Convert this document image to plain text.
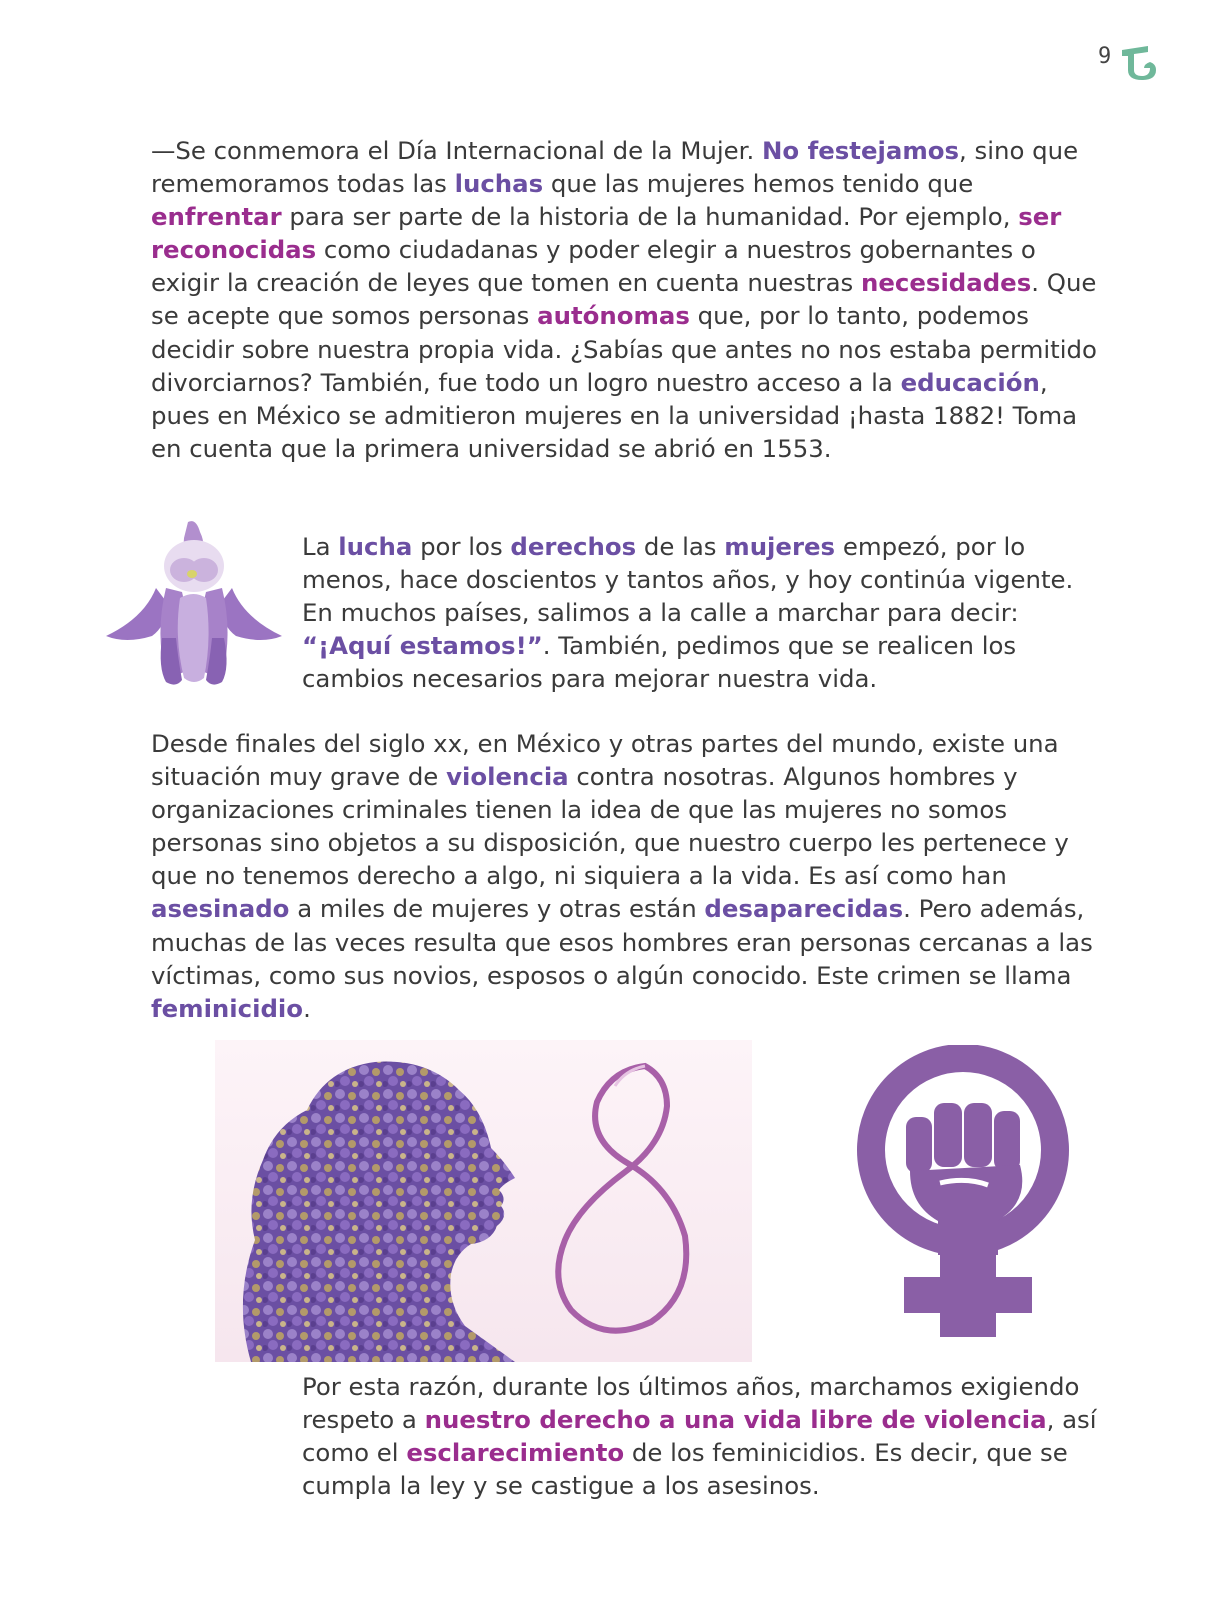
9

—Se conmemora el Día Internacional de la Mujer. No festejamos, sino que rememoramos todas las luchas que las mujeres hemos tenido que enfrentar para ser parte de la historia de la humanidad. Por ejemplo, ser reconocidas como ciudadanas y poder elegir a nuestros gobernantes o exigir la creación de leyes que tomen en cuenta nuestras necesidades. Que se acepte que somos personas autónomas que, por lo tanto, podemos decidir sobre nuestra propia vida. ¿Sabías que antes no nos estaba permitido divorciarnos? También, fue todo un logro nuestro acceso a la educación, pues en México se admitieron mujeres en la universidad ¡hasta 1882! Toma en cuenta que la primera universidad se abrió en 1553.

La lucha por los derechos de las mujeres empezó, por lo menos, hace doscientos y tantos años, y hoy continúa vigente. En muchos países, salimos a la calle a marchar para decir: “¡Aquí estamos!”. También, pedimos que se realicen los cambios necesarios para mejorar nuestra vida.

Desde finales del siglo xx, en México y otras partes del mundo, existe una situación muy grave de violencia contra nosotras. Algunos hombres y organizaciones criminales tienen la idea de que las mujeres no somos personas sino objetos a su disposición, que nuestro cuerpo les pertenece y que no tenemos derecho a algo, ni siquiera a la vida. Es así como han asesinado a miles de mujeres y otras están desaparecidas. Pero además, muchas de las veces resulta que esos hombres eran personas cercanas a las víctimas, como sus novios, esposos o algún conocido. Este crimen se llama feminicidio.

Por esta razón, durante los últimos años, marchamos exigiendo respeto a nuestro derecho a una vida libre de violencia, así como el esclarecimiento de los feminicidios. Es decir, que se cumpla la ley y se castigue a los asesinos.
